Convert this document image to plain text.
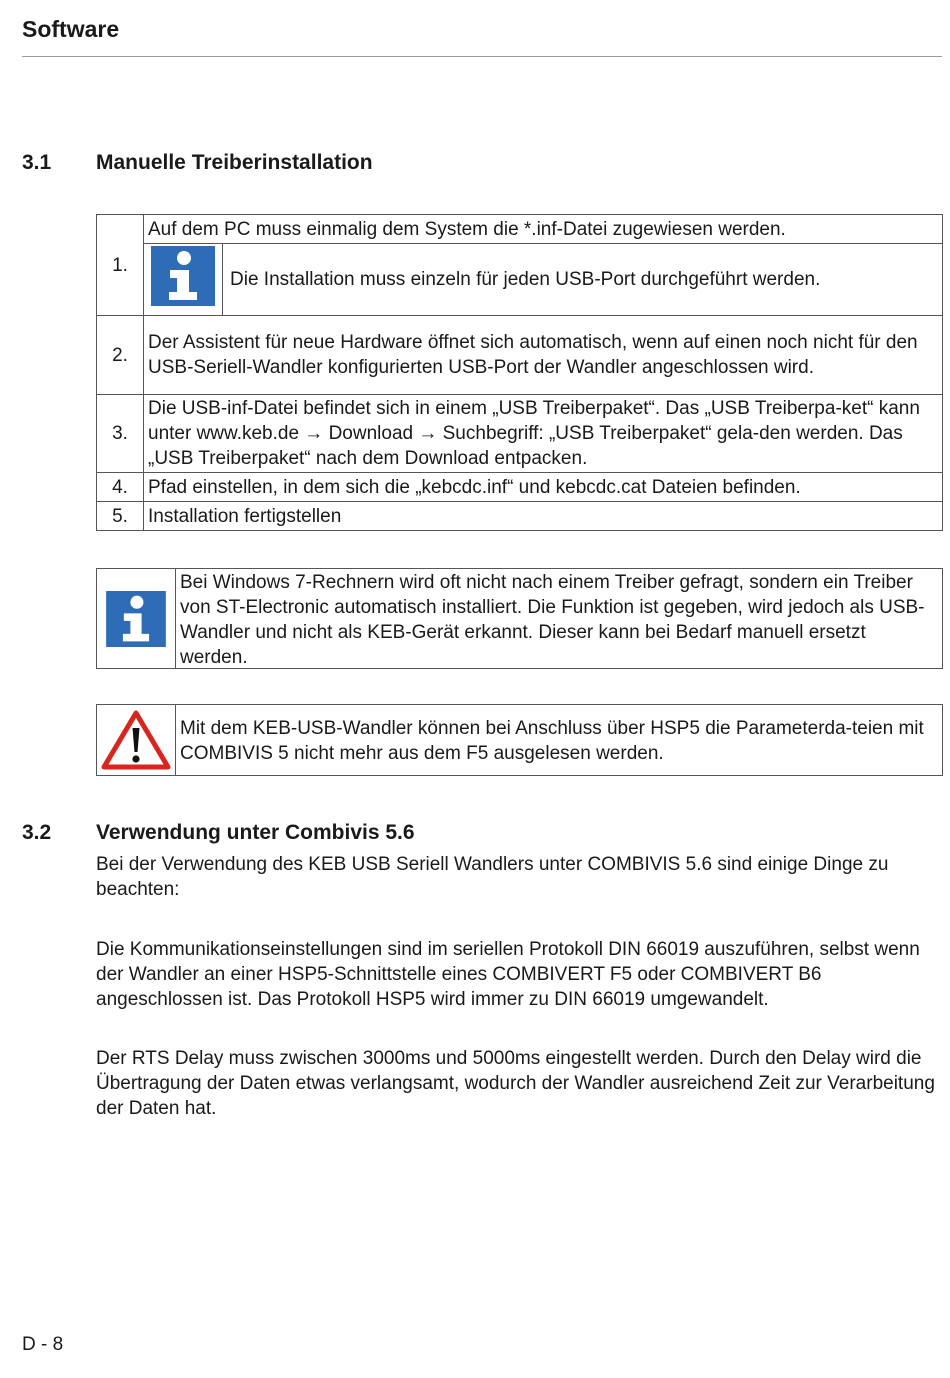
Software
3.1 Manuelle Treiberinstallation
1.	Auf dem PC muss einmalig dem System die *.inf-Datei zugewiesen werden.

	Die Installation muss einzeln für jeden USB-Port durchgeführt werden.

2.	Der Assistent für neue Hardware öffnet sich automatisch, wenn auf einen noch nicht für den USB-Seriell-Wandler konfigurierten USB-Port der Wandler angeschlossen wird.
3.	Die USB-inf-Datei befindet sich in einem „USB Treiberpaket“. Das „USB Treiberpa-ket“ kann unter www.keb.de → Download → Suchbegriff: „USB Treiberpaket“ gela-den werden. Das „USB Treiberpaket“ nach dem Download entpacken.
4.	Pfad einstellen, in dem sich die „kebcdc.inf“ und kebcdc.cat Dateien befinden.
5.	Installation fertigstellen
Bei Windows 7-Rechnern wird oft nicht nach einem Treiber gefragt, sondern ein Treiber von ST-Electronic automatisch installiert. Die Funktion ist gegeben, wird jedoch als USB-Wandler und nicht als KEB-Gerät erkannt. Dieser kann bei Bedarf manuell ersetzt werden.
Mit dem KEB-USB-Wandler können bei Anschluss über HSP5 die Parameterda-teien mit COMBIVIS 5 nicht mehr aus dem F5 ausgelesen werden.
3.2 Verwendung unter Combivis 5.6
Bei der Verwendung des KEB USB Seriell Wandlers unter COMBIVIS 5.6 sind einige Dinge zu beachten:
Die Kommunikationseinstellungen sind im seriellen Protokoll DIN 66019 auszuführen, selbst wenn der Wandler an einer HSP5-Schnittstelle eines COMBIVERT F5 oder COMBIVERT B6 angeschlossen ist. Das Protokoll HSP5 wird immer zu DIN 66019 umgewandelt.
Der RTS Delay muss zwischen 3000ms und 5000ms eingestellt werden. Durch den Delay wird die Übertragung der Daten etwas verlangsamt, wodurch der Wandler ausreichend Zeit zur Verarbeitung der Daten hat.
D - 8
